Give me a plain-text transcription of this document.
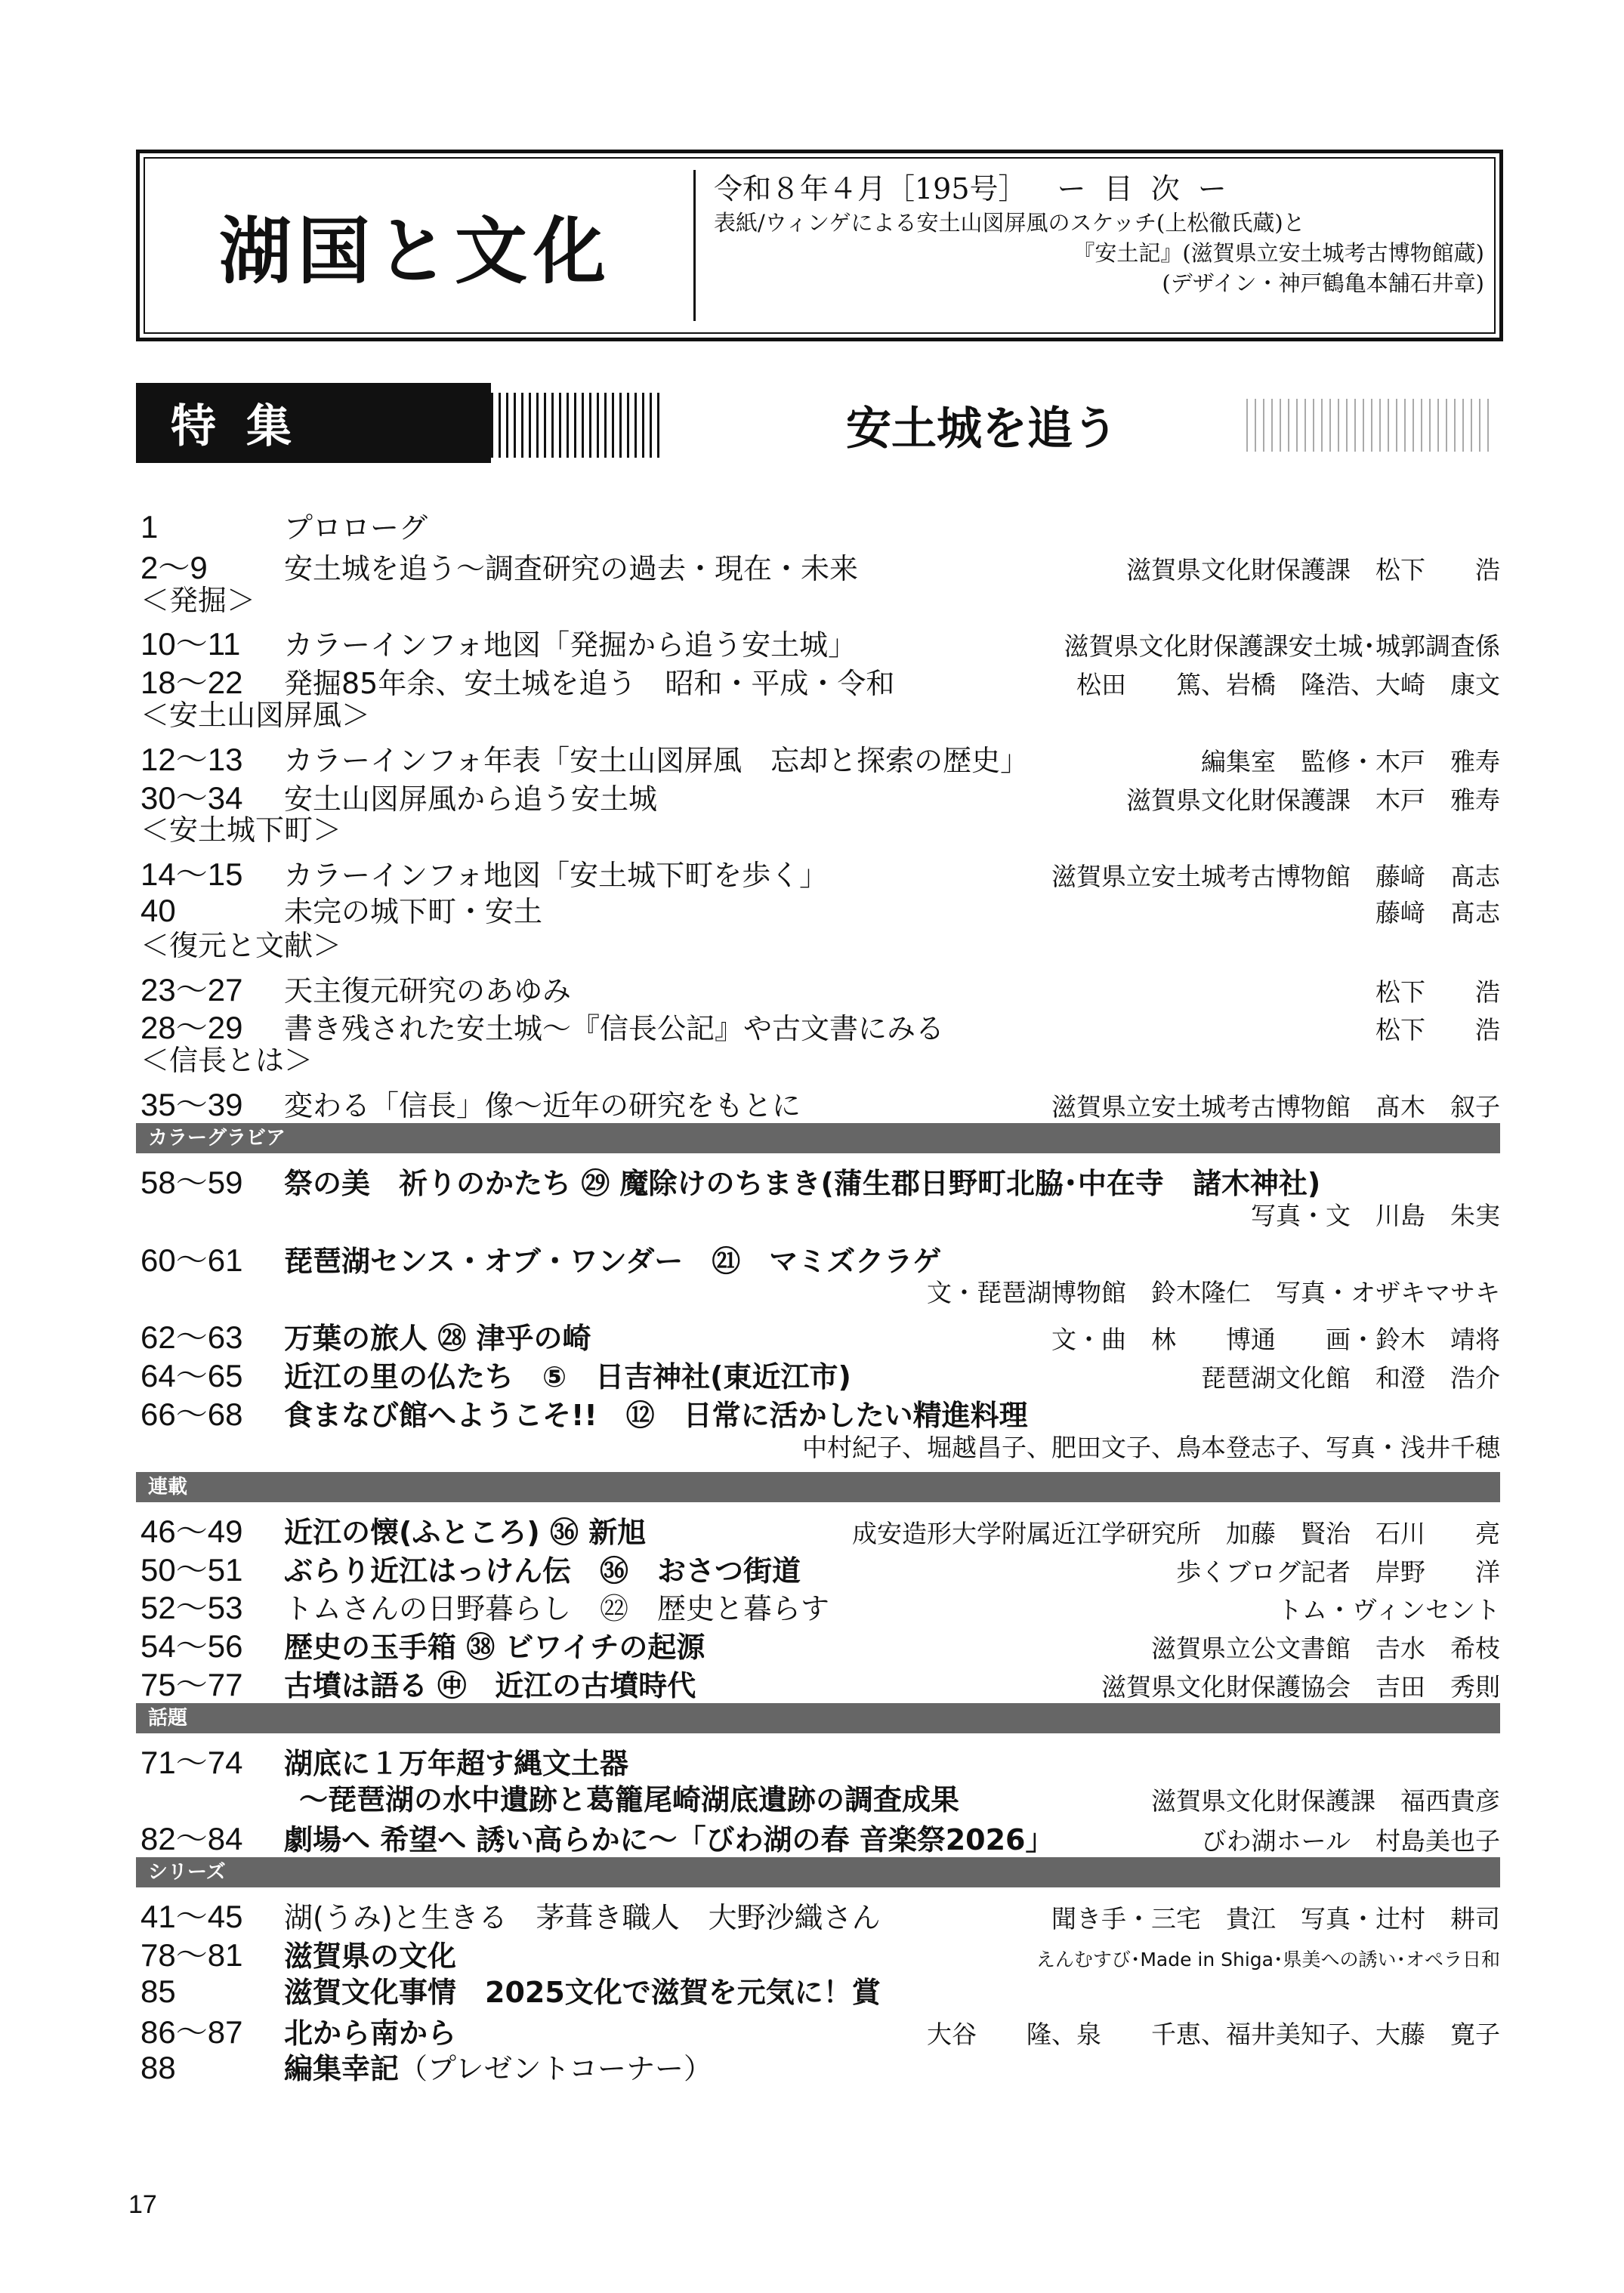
湖国と文化
令和８年４月［195号］ ー 目 次 ー
表紙/ウィンゲによる安土山図屏風のスケッチ(上松徹氏蔵)と
『安土記』(滋賀県立安土城考古博物館蔵)
(デザイン・神戸鶴亀本舗石井章)
特集	安土城を追う
1	プロローグ
2〜9	安土城を追う〜調査研究の過去・現在・未来	滋賀県文化財保護課　松下　　浩
＜発掘＞
10〜11	カラーインフォ地図「発掘から追う安土城」	滋賀県文化財保護課安土城･城郭調査係
18〜22	発掘85年余、安土城を追う　昭和・平成・令和	松田　　篤、岩橋　隆浩、大崎　康文
＜安土山図屏風＞
12〜13	カラーインフォ年表「安土山図屏風　忘却と探索の歴史」	編集室　監修・木戸　雅寿
30〜34	安土山図屏風から追う安土城	滋賀県文化財保護課　木戸　雅寿
＜安土城下町＞
14〜15	カラーインフォ地図「安土城下町を歩く」	滋賀県立安土城考古博物館　藤﨑　髙志
40	未完の城下町・安土	藤﨑　髙志
＜復元と文献＞
23〜27	天主復元研究のあゆみ	松下　　浩
28〜29	書き残された安土城〜『信長公記』や古文書にみる	松下　　浩
＜信長とは＞
35〜39	変わる「信長」像〜近年の研究をもとに	滋賀県立安土城考古博物館　髙木　叙子
カラーグラビア
58〜59	祭の美　祈りのかたち ㉙ 魔除けのちまき(蒲生郡日野町北脇･中在寺　諸木神社)
写真・文　川島　朱実
60〜61	琵琶湖センス・オブ・ワンダー　㉑　マミズクラゲ
文・琵琶湖博物館　鈴木隆仁　写真・オザキマサキ
62〜63	万葉の旅人 ㉘ 津乎の崎	文・曲　林　　博通　　画・鈴木　靖将
64〜65	近江の里の仏たち　⑤　日吉神社(東近江市)	琵琶湖文化館　和澄　浩介
66〜68	食まなび館へようこそ!!　⑫　日常に活かしたい精進料理
中村紀子、堀越昌子、肥田文子、鳥本登志子、写真・浅井千穂
連載
46〜49	近江の懐(ふところ) ㊱ 新旭	成安造形大学附属近江学研究所　加藤　賢治　石川　　亮
50〜51	ぶらり近江はっけん伝　㊱　おさつ街道	歩くブログ記者　岸野　　洋
52〜53	トムさんの日野暮らし　㉒　歴史と暮らす	トム・ヴィンセント
54〜56	歴史の玉手箱 ㊳ ビワイチの起源	滋賀県立公文書館　𠮷水　希枝
75〜77	古墳は語る ㊥　近江の古墳時代	滋賀県文化財保護協会　吉田　秀則
話題
71〜74	湖底に１万年超す縄文土器
〜琵琶湖の水中遺跡と葛籠尾崎湖底遺跡の調査成果	滋賀県文化財保護課　福西貴彦
82〜84	劇場へ 希望へ 誘い高らかに〜「びわ湖の春 音楽祭2026」	びわ湖ホール　村島美也子
シリーズ
41〜45	湖(うみ)と生きる　茅葺き職人　大野沙織さん	聞き手・三宅　貴江　写真・辻村　耕司
78〜81	滋賀県の文化	えんむすび･Made in Shiga･県美への誘い･オペラ日和
85	滋賀文化事情　2025文化で滋賀を元気に！賞
86〜87	北から南から	大谷　　隆、泉　　千恵、福井美知子、大藤　寛子
88	編集幸記（プレゼントコーナー）
17
